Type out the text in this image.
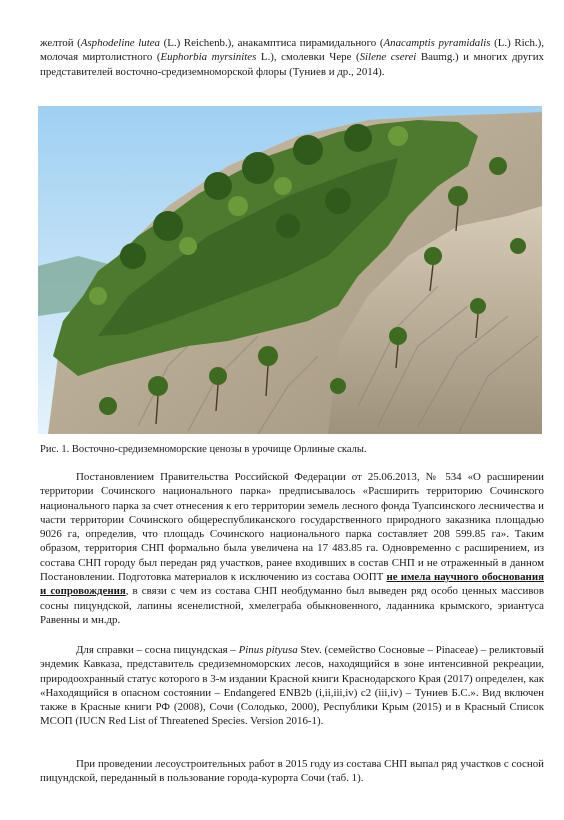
желтой (Asphodeline lutea (L.) Reichenb.), анакамптиса пирамидального (Anacamptis pyramidalis (L.) Rich.), молочая миртолистного (Euphorbia myrsinites L.), смолевки Чере (Silene cserei Baumg.) и многих других представителей восточно-средиземноморской флоры (Туниев и др., 2014).

Рис. 1. Восточно-средиземноморские ценозы в урочище Орлиные скалы.

Постановлением Правительства Российской Федерации от 25.06.2013, № 534 «О расширении территории Сочинского национального парка» предписывалось «Расширить территорию Сочинского национального парка за счет отнесения к его территории земель лесного фонда Туапсинского лесничества и части территории Сочинского общереспубликанского государственного природного заказника площадью 9026 га, определив, что площадь Сочинского национального парка составляет 208 599.85 га». Таким образом, территория СНП формально была увеличена на 17 483.85 га. Одновременно с расширением, из состава СНП городу был передан ряд участков, ранее входивших в состав СНП и не отраженный в данном Постановлении. Подготовка материалов к исключению из состава ООПТ не имела научного обоснования и сопровождения, в связи с чем из состава СНП необдуманно был выведен ряд особо ценных массивов сосны пицундской, лапины ясенелистной, хмелеграба обыкновенного, ладанника крымского, эриантуса Равенны и мн.др.

Для справки – сосна пицундская – Pinus pityusa Stev. (семейство Сосновые – Pinaceae) – реликтовый эндемик Кавказа, представитель средиземноморских лесов, находящийся в зоне интенсивной рекреации, природоохранный статус которого в 3-м издании Красной книги Краснодарского Края (2017) определен, как «Находящийся в опасном состоянии – Endangered ENB2b (i,ii,iii,iv) c2 (iii,iv) – Туниев Б.С.». Вид включен также в Красные книги РФ (2008), Сочи (Солодько, 2000), Республики Крым (2015) и в Красный Список МСОП (IUCN Red List of Threatened Species. Version 2016-1).

При проведении лесоустроительных работ в 2015 году из состава СНП выпал ряд участков с сосной пицундской, переданный в пользование города-курорта Сочи (таб. 1).
